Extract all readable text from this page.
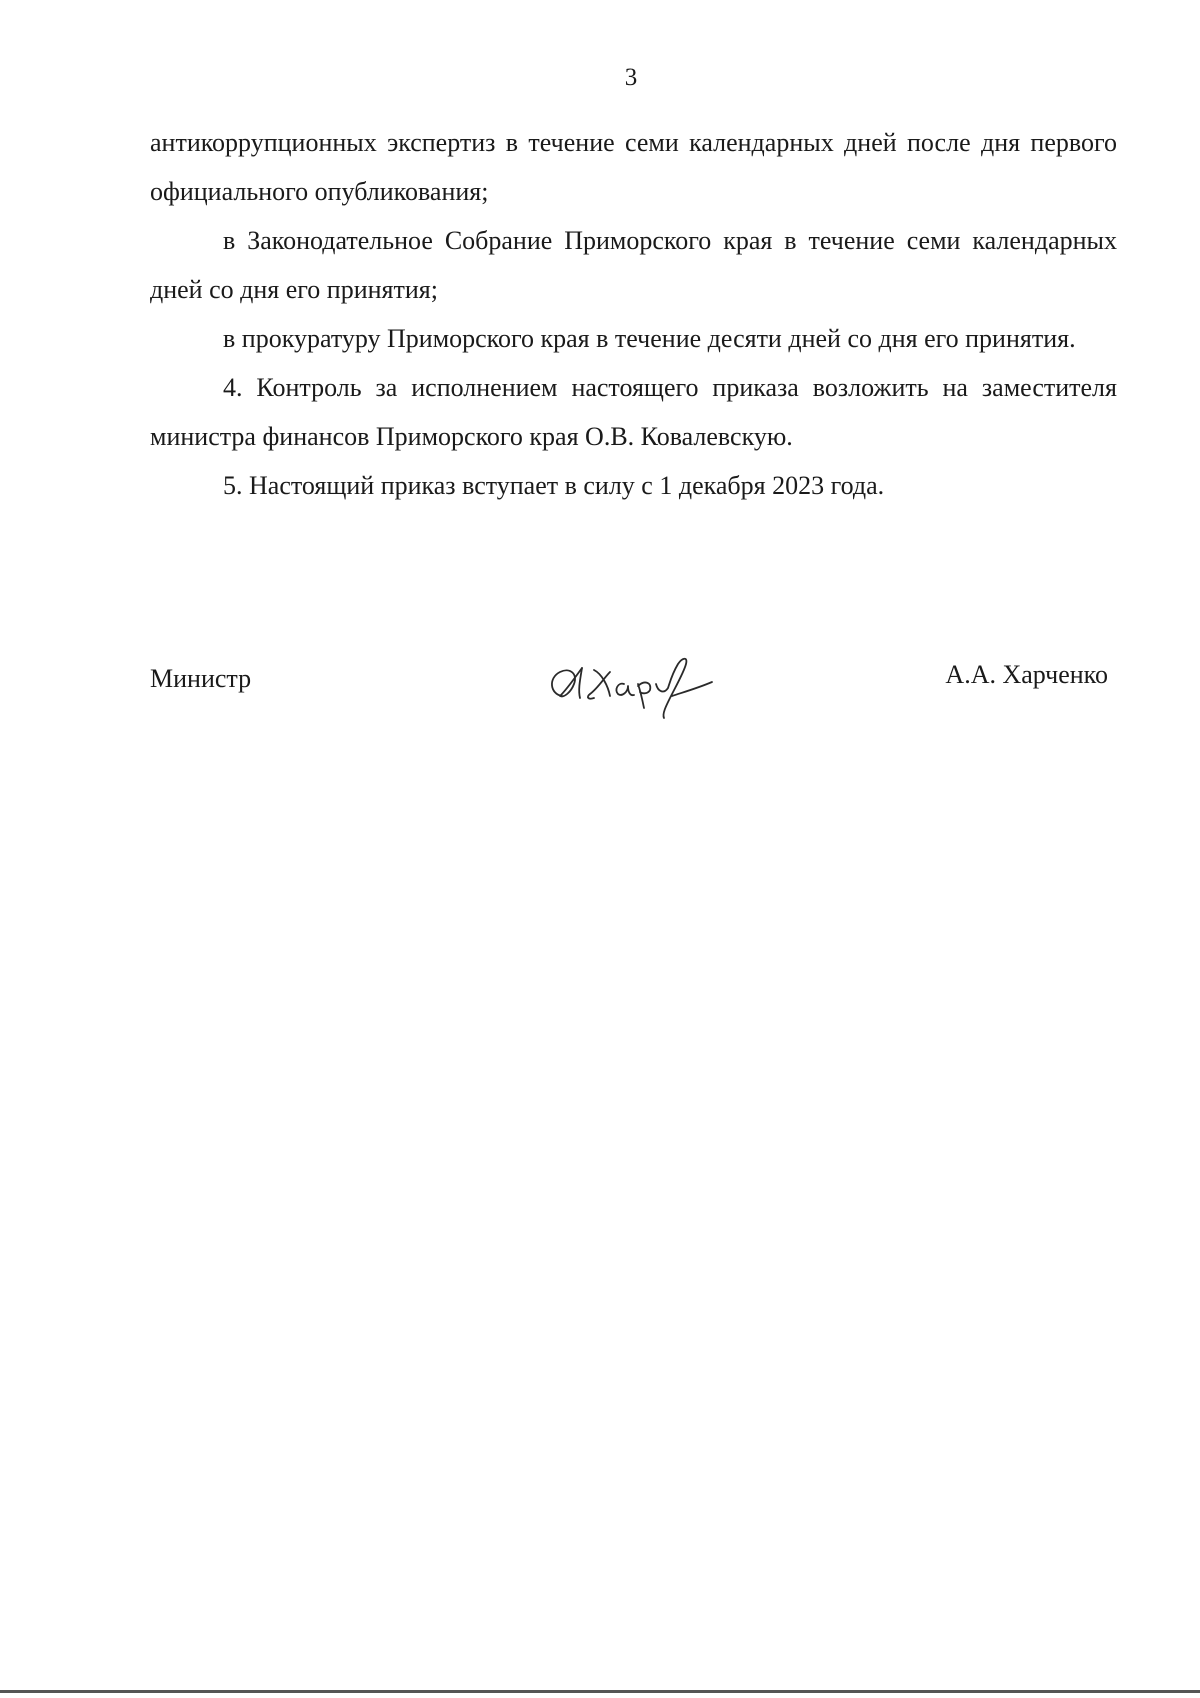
3

антикоррупционных экспертиз в течение семи календарных дней после дня первого официального опубликования;

в Законодательное Собрание Приморского края в течение семи календарных дней со дня его принятия;

в прокуратуру Приморского края в течение десяти дней со дня его принятия.

4. Контроль за исполнением настоящего приказа возложить на заместителя министра финансов Приморского края О.В. Ковалевскую.

5. Настоящий приказ вступает в силу с 1 декабря 2023 года.

Министр	А.А. Харченко
